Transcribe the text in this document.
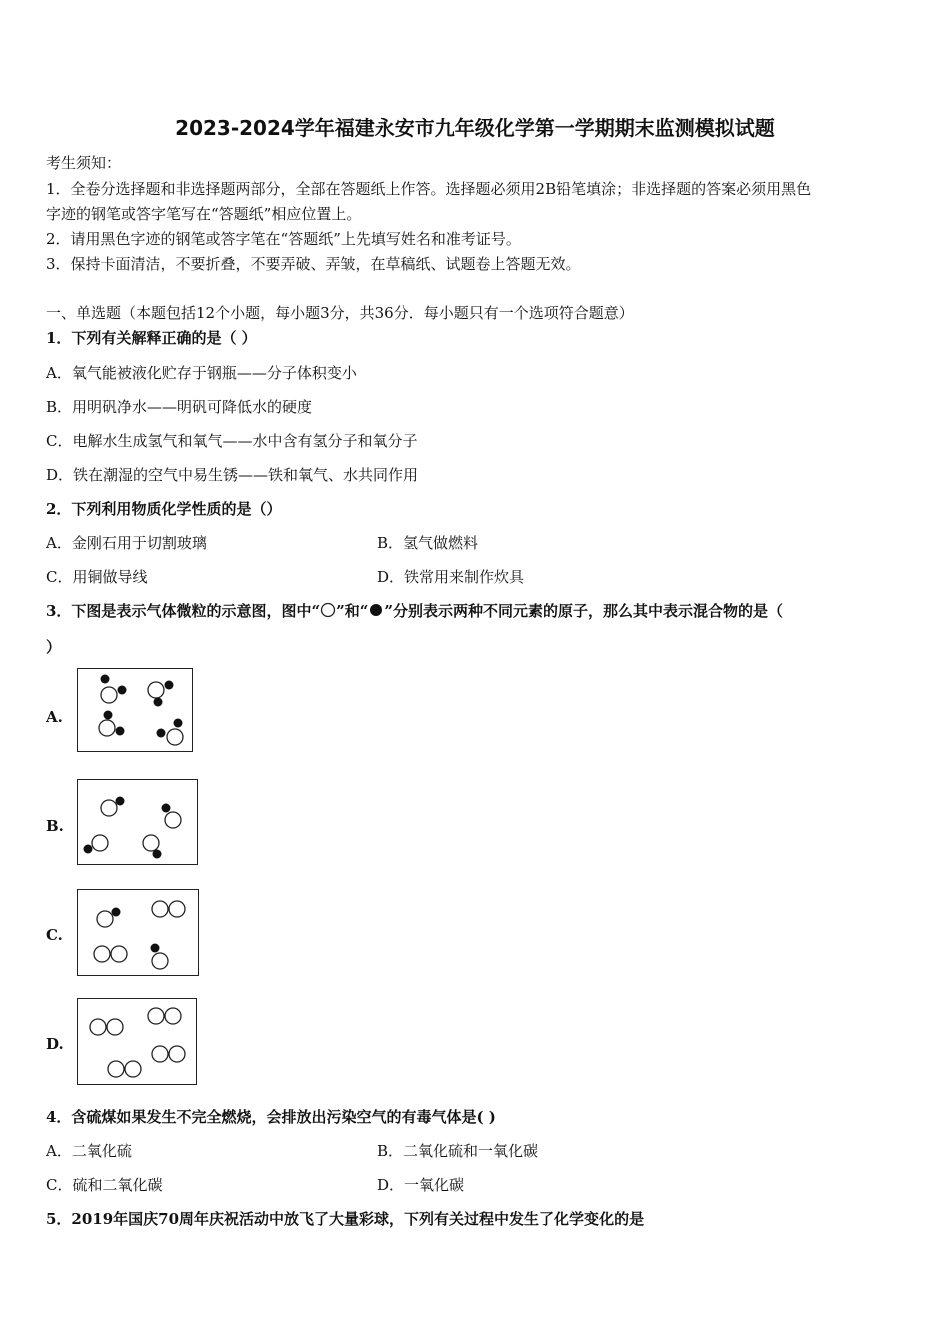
2023-2024学年福建永安市九年级化学第一学期期末监测模拟试题
考生须知：
1．全卷分选择题和非选择题两部分，全部在答题纸上作答。选择题必须用2B铅笔填涂；非选择题的答案必须用黑色
字迹的钢笔或答字笔写在“答题纸”相应位置上。
2．请用黑色字迹的钢笔或答字笔在“答题纸”上先填写姓名和准考证号。
3．保持卡面清洁，不要折叠，不要弄破、弄皱，在草稿纸、试题卷上答题无效。
一、单选题（本题包括12个小题，每小题3分，共36分．每小题只有一个选项符合题意）
1．下列有关解释正确的是（ ）
A．氧气能被液化贮存于钢瓶——分子体积变小
B．用明矾净水——明矾可降低水的硬度
C．电解水生成氢气和氧气——水中含有氢分子和氧分子
D．铁在潮湿的空气中易生锈——铁和氧气、水共同作用
2．下列利用物质化学性质的是（）
A．金刚石用于切割玻璃	B．氢气做燃料
C．用铜做导线	D．铁常用来制作炊具
3．下图是表示气体微粒的示意图，图中“ ”和“ ”分别表示两种不同元素的原子，那么其中表示混合物的是（
）
A.
B.
C.
D.
4．含硫煤如果发生不完全燃烧，会排放出污染空气的有毒气体是( )
A．二氧化硫	B．二氧化硫和一氧化碳
C．硫和二氧化碳	D．一氧化碳
5．2019年国庆70周年庆祝活动中放飞了大量彩球，下列有关过程中发生了化学变化的是
